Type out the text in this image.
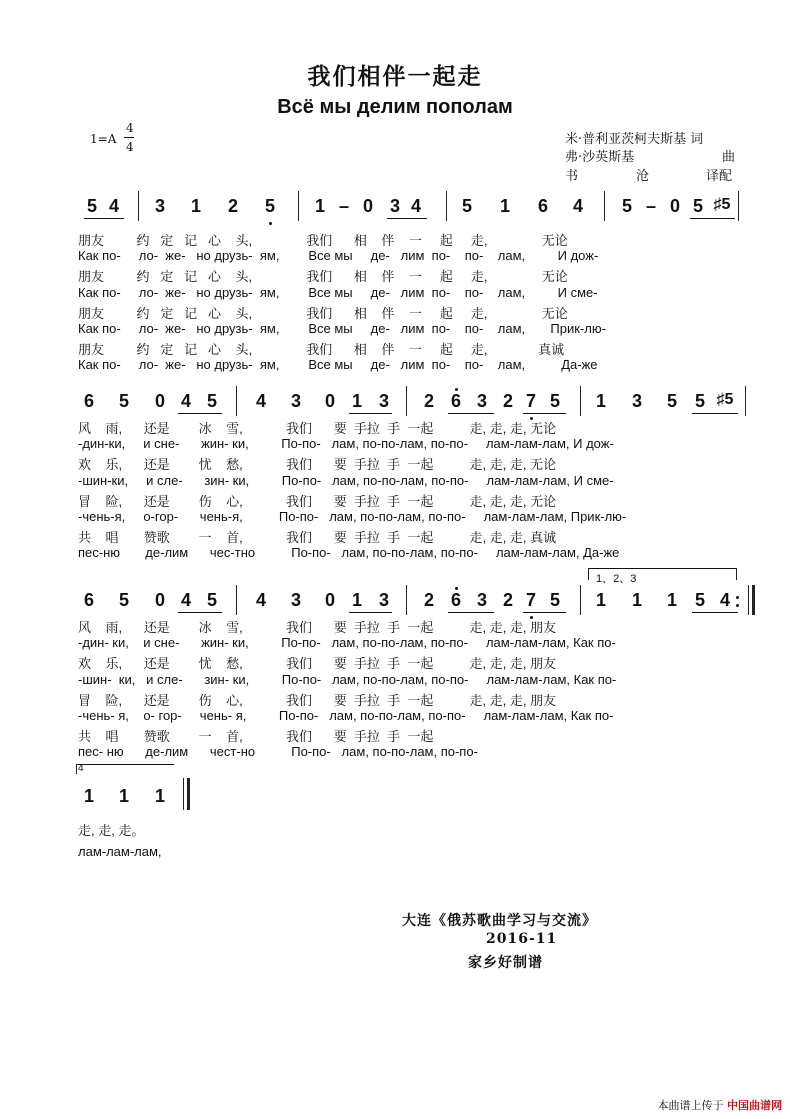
我们相伴一起走
Всё мы делим пополам
1=A
4
4	米·普利亚茨柯夫斯基 词
弗·沙英斯基	曲
书	沧	译配
5 4 3 1 2 5 1 – 0 3 4 5 1 6 4 5 – 0 5 ♯5
朋友         约   定   记   心    头,               我们      相    伴    一     起     走,               无论
Как по-     ло-  же-   но друзь-  ям,        Все мы     де-   лим  по-    по-    лам,         И дож-
朋友         约   定   记   心    头,               我们      相    伴    一     起     走,               无论
Как по-     ло-  же-   но друзь-  ям,        Все мы     де-   лим  по-    по-    лам,         И сме-
朋友         约   定   记   心    头,               我们      相    伴    一     起     走,               无论
Как по-     ло-  же-   но друзь-  ям,        Все мы     де-   лим  по-    по-    лам,       Прик-лю-
朋友         约   定   记   心    头,               我们      相    伴    一     起     走,              真诚
Как по-     ло-  же-   но друзь-  ям,        Все мы     де-   лим  по-    по-    лам,          Да-же
6 5 0 4 5 4 3 0 1 3 2 6 3 2 7 5 1 3 5 5 ♯5
风    雨,      还是        冰    雪,            我们      要  手拉  手  一起          走, 走, 走, 无论
-дин-ки,     и сне-      жин- ки,         По-по-   лам, по-по-лам, по-по-     лам-лам-лам, И дож-
欢    乐,      还是        忧    愁,            我们      要  手拉  手  一起          走, 走, 走, 无论
-шин-ки,     и сле-      зин- ки,         По-по-   лам, по-по-лам, по-по-     лам-лам-лам, И сме-
冒    险,      还是        伤    心,            我们      要  手拉  手  一起          走, 走, 走, 无论
-чень-я,     о-гор-      чень-я,          По-по-   лам, по-по-лам, по-по-     лам-лам-лам, Прик-лю-
共    唱       赞歌        一    首,            我们      要  手拉  手  一起          走, 走, 走, 真诚
пес-ню       де-лим      чес-тно          По-по-   лам, по-по-лам, по-по-     лам-лам-лам, Да-же
6 5 0 4 5 4 3 0 1 3 2 6 3 2 7 5 1 1 1 5 4
风    雨,      还是        冰    雪,            我们      要  手拉  手  一起          走, 走, 走, 朋友
-дин- ки,    и сне-      жин- ки,         По-по-   лам, по-по-лам, по-по-     лам-лам-лам, Как по-
欢    乐,      还是        忧    愁,            我们      要  手拉  手  一起          走, 走, 走, 朋友
-шин-  ки,   и сле-      зин- ки,         По-по-   лам, по-по-лам, по-по-     лам-лам-лам, Как по-
冒    险,      还是        伤    心,            我们      要  手拉  手  一起          走, 走, 走, 朋友
-чень- я,    о- гор-     чень- я,         По-по-   лам, по-по-лам, по-по-     лам-лам-лам, Как по-
共    唱       赞歌        一    首,            我们      要  手拉  手  一起
пес- ню      де-лим      чест-но          По-по-   лам, по-по-лам, по-по-
1、2、3
1 1 1
4
走, 走, 走。
лам-лам-лам,
大连《俄苏歌曲学习与交流》
2016-11
家乡好制谱
本曲谱上传于 中国曲谱网
